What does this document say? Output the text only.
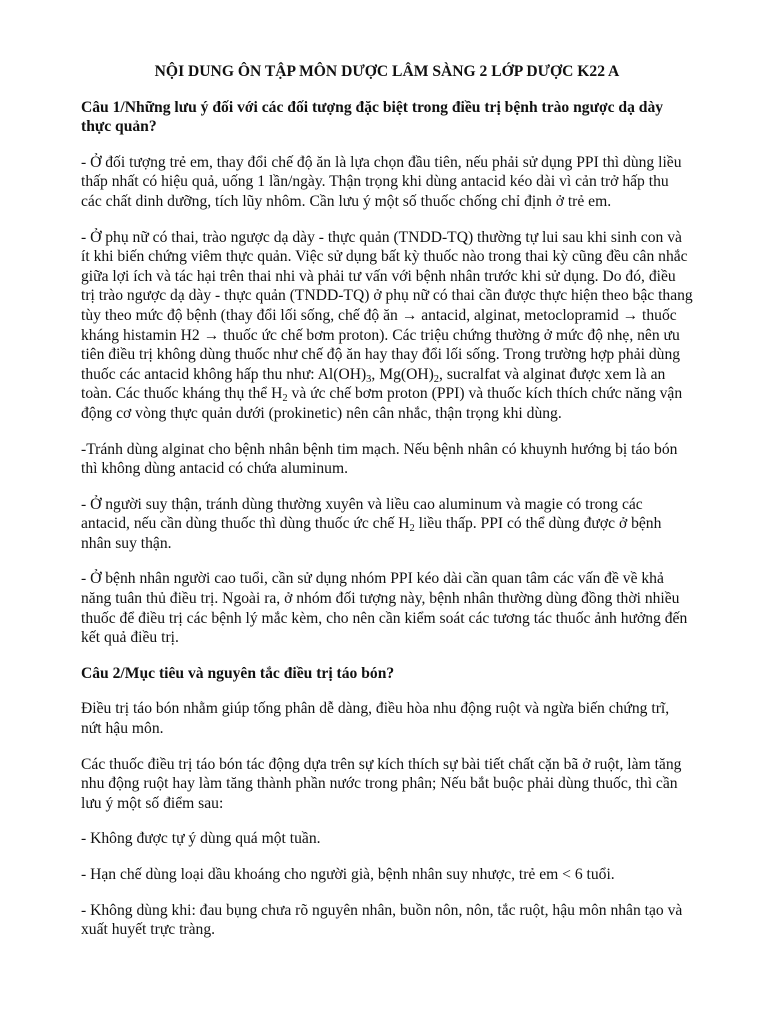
NỘI DUNG ÔN TẬP MÔN DƯỢC LÂM SÀNG 2 LỚP DƯỢC K22 A

Câu 1/Những lưu ý đối với các đối tượng đặc biệt trong điều trị bệnh trào ngược dạ dày thực quản?

- Ở đối tượng trẻ em, thay đổi chế độ ăn là lựa chọn đầu tiên, nếu phải sử dụng PPI thì dùng liều thấp nhất có hiệu quả, uống 1 lần/ngày. Thận trọng khi dùng antacid kéo dài vì cản trở hấp thu các chất dinh dưỡng, tích lũy nhôm. Cần lưu ý một số thuốc chống chỉ định ở trẻ em.

- Ở phụ nữ có thai, trào ngược dạ dày - thực quản (TNDD-TQ) thường tự lui sau khi sinh con và ít khi biến chứng viêm thực quản. Việc sử dụng bất kỳ thuốc nào trong thai kỳ cũng đều cân nhắc giữa lợi ích và tác hại trên thai nhi và phải tư vấn với bệnh nhân trước khi sử dụng. Do đó, điều trị trào ngược dạ dày - thực quản (TNDD-TQ) ở phụ nữ có thai cần được thực hiện theo bậc thang tùy theo mức độ bệnh (thay đổi lối sống, chế độ ăn → antacid, alginat, metoclopramid → thuốc kháng histamin H2 → thuốc ức chế bơm proton). Các triệu chứng thường ở mức độ nhẹ, nên ưu tiên điều trị không dùng thuốc như chế độ ăn hay thay đổi lối sống. Trong trường hợp phải dùng thuốc các antacid không hấp thu như: $Al(OH)_3$, $Mg(OH)_2$, sucralfat và alginat được xem là an toàn. Các thuốc kháng thụ thể $H_2$ và ức chế bơm proton (PPI) và thuốc kích thích chức năng vận động cơ vòng thực quản dưới (prokinetic) nên cân nhắc, thận trọng khi dùng.

-Tránh dùng alginat cho bệnh nhân bệnh tim mạch. Nếu bệnh nhân có khuynh hướng bị táo bón thì không dùng antacid có chứa aluminum.

- Ở người suy thận, tránh dùng thường xuyên và liều cao aluminum và magie có trong các antacid, nếu cần dùng thuốc thì dùng thuốc ức chế $H_2$ liều thấp. PPI có thể dùng được ở bệnh nhân suy thận.

- Ở bệnh nhân người cao tuổi, cần sử dụng nhóm PPI kéo dài cần quan tâm các vấn đề về khả năng tuân thủ điều trị. Ngoài ra, ở nhóm đối tượng này, bệnh nhân thường dùng đồng thời nhiều thuốc để điều trị các bệnh lý mắc kèm, cho nên cần kiểm soát các tương tác thuốc ảnh hưởng đến kết quả điều trị.

Câu 2/Mục tiêu và nguyên tắc điều trị táo bón?

Điều trị táo bón nhằm giúp tống phân dễ dàng, điều hòa nhu động ruột và ngừa biến chứng trĩ, nứt hậu môn.

Các thuốc điều trị táo bón tác động dựa trên sự kích thích sự bài tiết chất cặn bã ở ruột, làm tăng nhu động ruột hay làm tăng thành phần nước trong phân; Nếu bắt buộc phải dùng thuốc, thì cần lưu ý một số điểm sau:

- Không được tự ý dùng quá một tuần.

- Hạn chế dùng loại dầu khoáng cho người già, bệnh nhân suy nhược, trẻ em < 6 tuổi.

- Không dùng khi: đau bụng chưa rõ nguyên nhân, buồn nôn, nôn, tắc ruột, hậu môn nhân tạo và xuất huyết trực tràng.
